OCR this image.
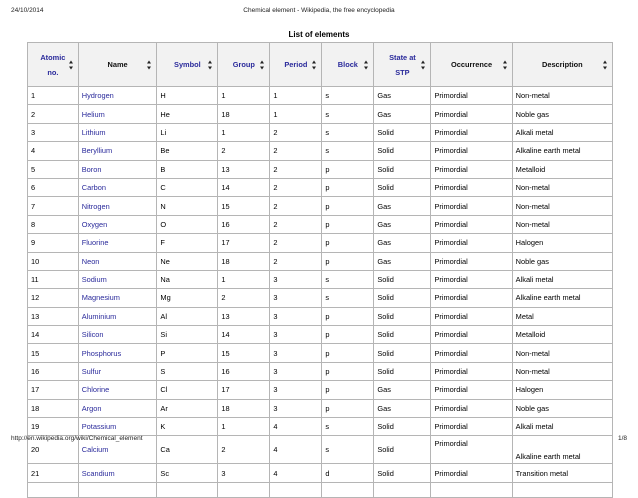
24/10/2014	Chemical element - Wikipedia, the free encyclopedia
List of elements
Atomic
no.	Name	Symbol	Group	Period	Block	State at
STP	Occurrence	Description

1	Hydrogen	H	1	1	s	Gas	Primordial	Non-metal
2	Helium	He	18	1	s	Gas	Primordial	Noble gas
3	Lithium	Li	1	2	s	Solid	Primordial	Alkali metal
4	Beryllium	Be	2	2	s	Solid	Primordial	Alkaline earth metal
5	Boron	B	13	2	p	Solid	Primordial	Metalloid
6	Carbon	C	14	2	p	Solid	Primordial	Non-metal
7	Nitrogen	N	15	2	p	Gas	Primordial	Non-metal
8	Oxygen	O	16	2	p	Gas	Primordial	Non-metal
9	Fluorine	F	17	2	p	Gas	Primordial	Halogen
10	Neon	Ne	18	2	p	Gas	Primordial	Noble gas
11	Sodium	Na	1	3	s	Solid	Primordial	Alkali metal
12	Magnesium	Mg	2	3	s	Solid	Primordial	Alkaline earth metal
13	Aluminium	Al	13	3	p	Solid	Primordial	Metal
14	Silicon	Si	14	3	p	Solid	Primordial	Metalloid
15	Phosphorus	P	15	3	p	Solid	Primordial	Non-metal
16	Sulfur	S	16	3	p	Solid	Primordial	Non-metal
17	Chlorine	Cl	17	3	p	Gas	Primordial	Halogen
18	Argon	Ar	18	3	p	Gas	Primordial	Noble gas
19	Potassium	K	1	4	s	Solid	Primordial	Alkali metal
20	Calcium	Ca	2	4	s	Solid	Primordial	Alkaline earth metal
21	Scandium	Sc	3	4	d	Solid	Primordial	Transition metal

http://en.wikipedia.org/wiki/Chemical_element	1/8
